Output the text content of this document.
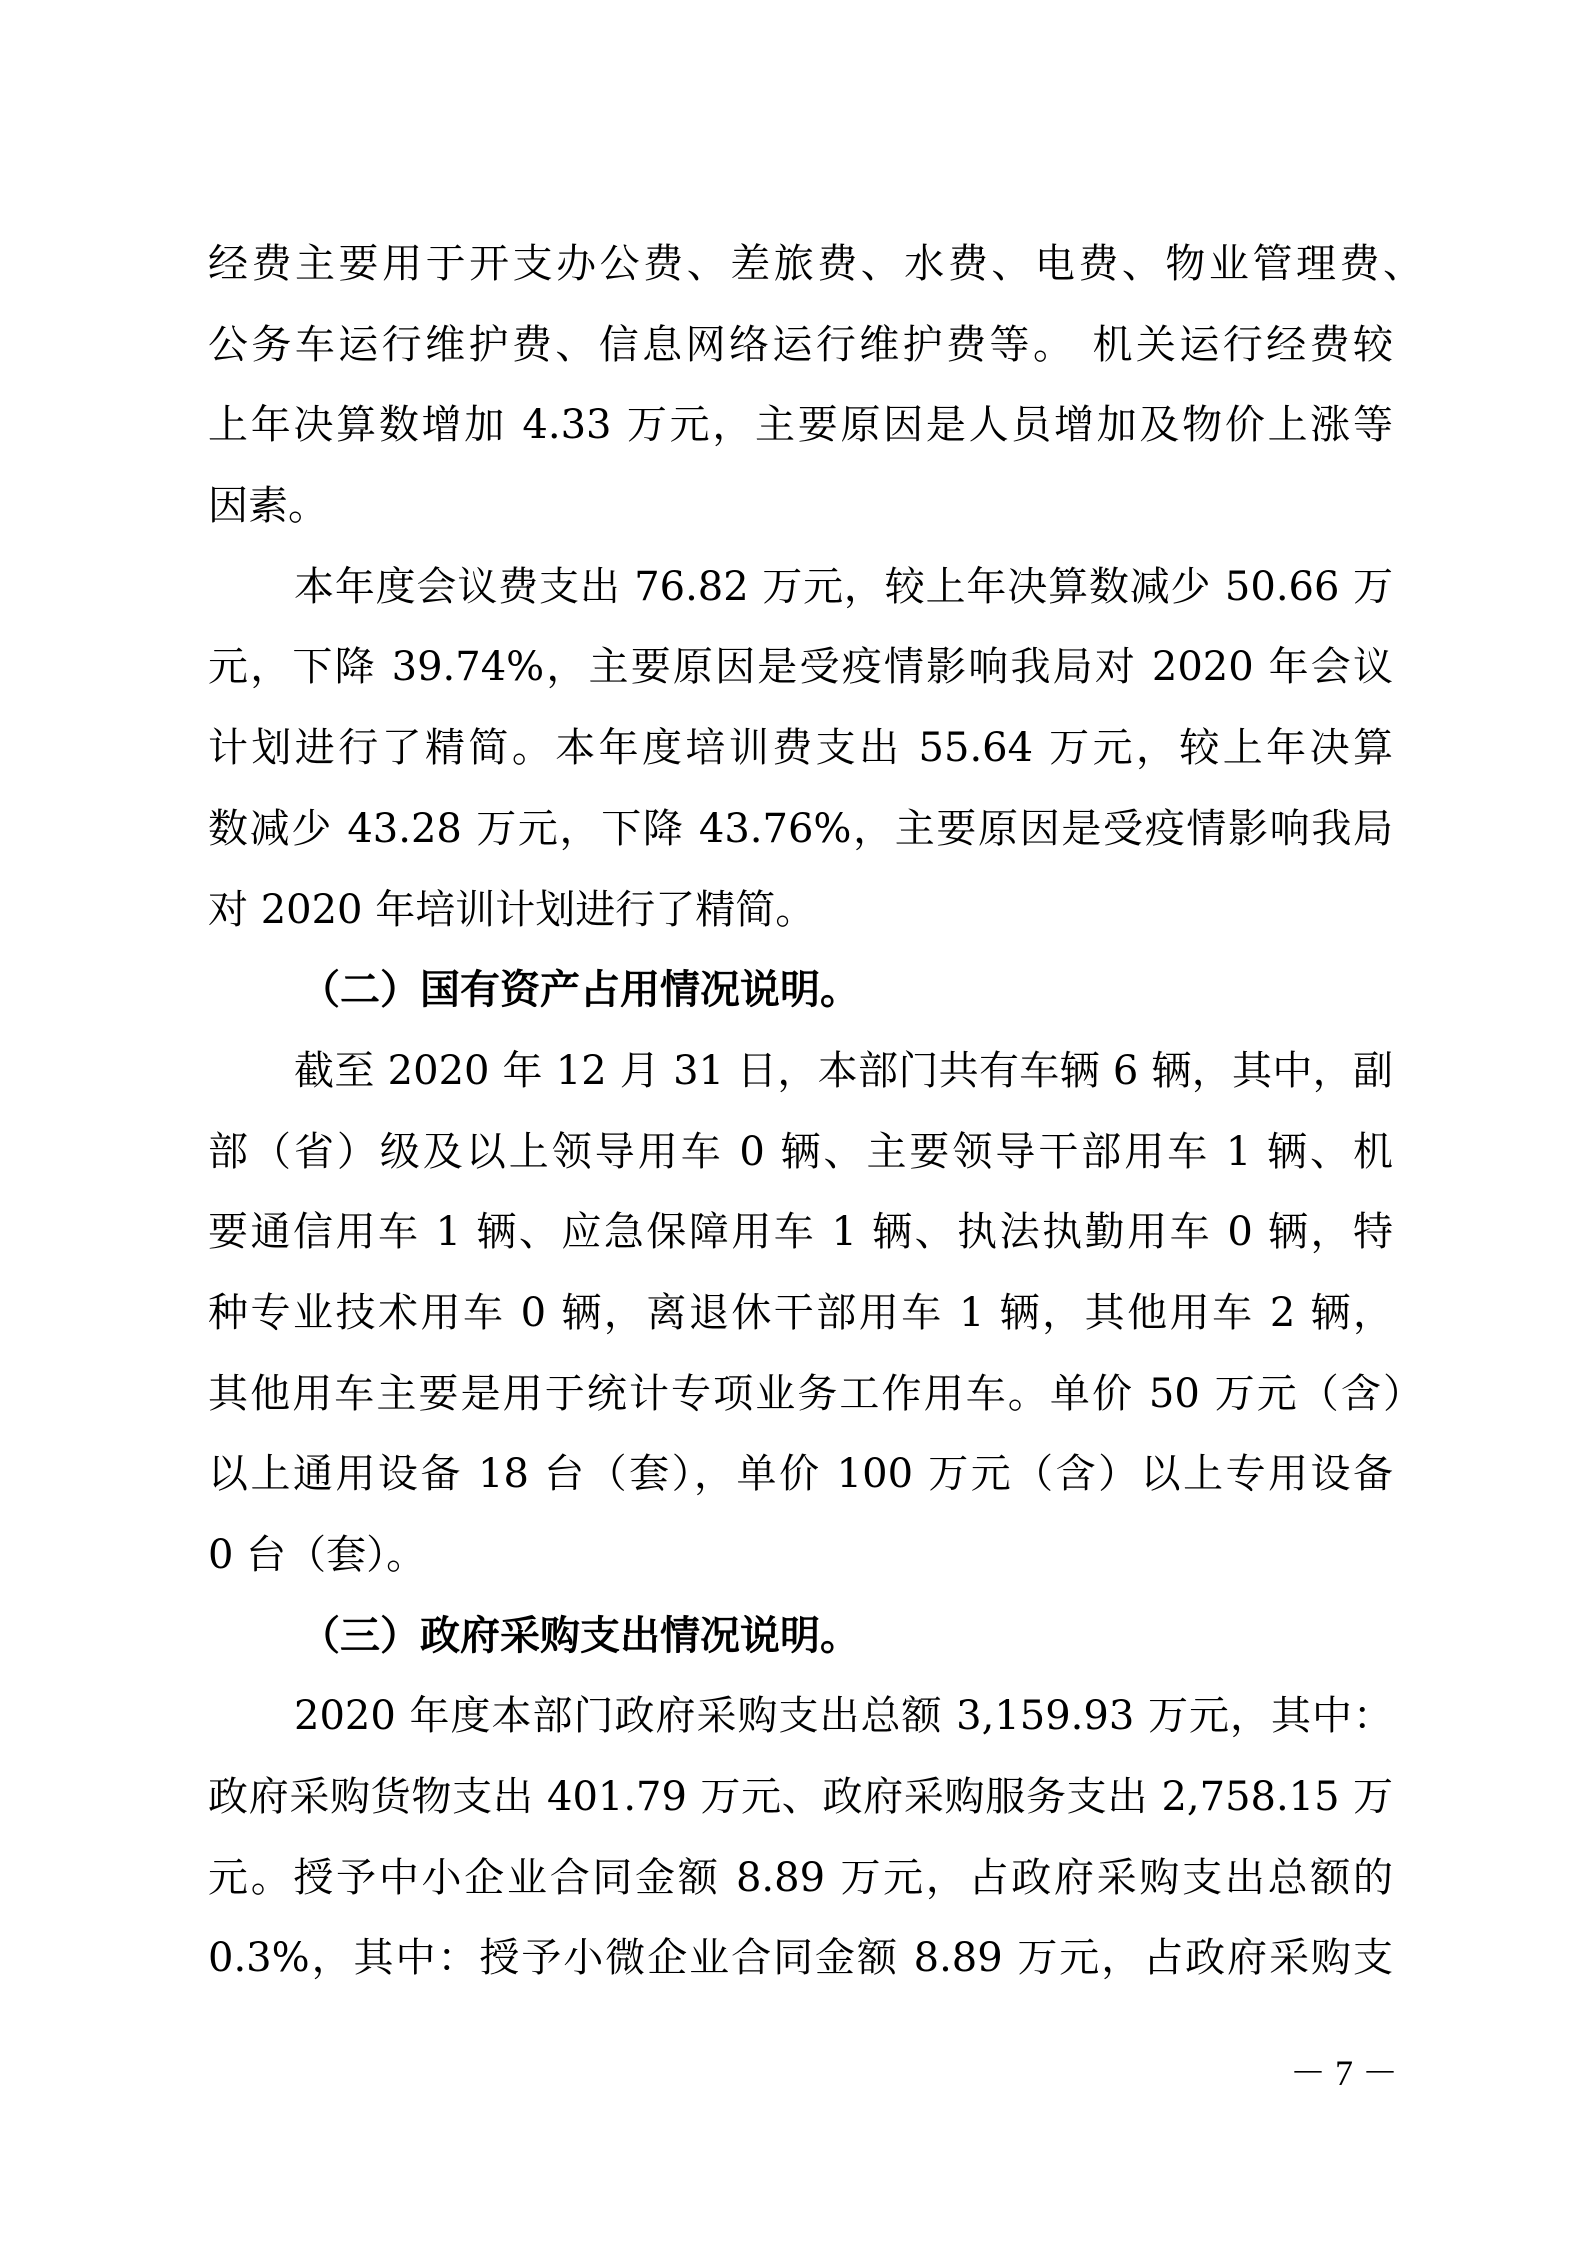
经费主要用于开支办公费、差旅费、水费、电费、物业管理费、
公务车运行维护费、信息网络运行维护费等。 机关运行经费较
上年决算数增加 4.33 万元，主要原因是人员增加及物价上涨等
因素。
本年度会议费支出 76.82 万元，较上年决算数减少 50.66 万
元，下降 39.74%，主要原因是受疫情影响我局对 2020 年会议
计划进行了精简。本年度培训费支出 55.64 万元，较上年决算
数减少 43.28 万元，下降 43.76%，主要原因是受疫情影响我局
对 2020 年培训计划进行了精简。
（二）国有资产占用情况说明。
截至 2020 年 12 月 31 日，本部门共有车辆 6 辆，其中，副
部（省）级及以上领导用车 0 辆、主要领导干部用车 1 辆、机
要通信用车 1 辆、应急保障用车 1 辆、执法执勤用车 0 辆，特
种专业技术用车 0 辆，离退休干部用车 1 辆，其他用车 2 辆，
其他用车主要是用于统计专项业务工作用车。单价 50 万元（含）
以上通用设备 18 台（套），单价 100 万元（含）以上专用设备
0 台（套）。
（三）政府采购支出情况说明。
2020 年度本部门政府采购支出总额 3,159.93 万元，其中：
政府采购货物支出 401.79 万元、政府采购服务支出 2,758.15 万
元。授予中小企业合同金额 8.89 万元，占政府采购支出总额的
0.3%，其中：授予小微企业合同金额 8.89 万元，占政府采购支
－ 7 －
